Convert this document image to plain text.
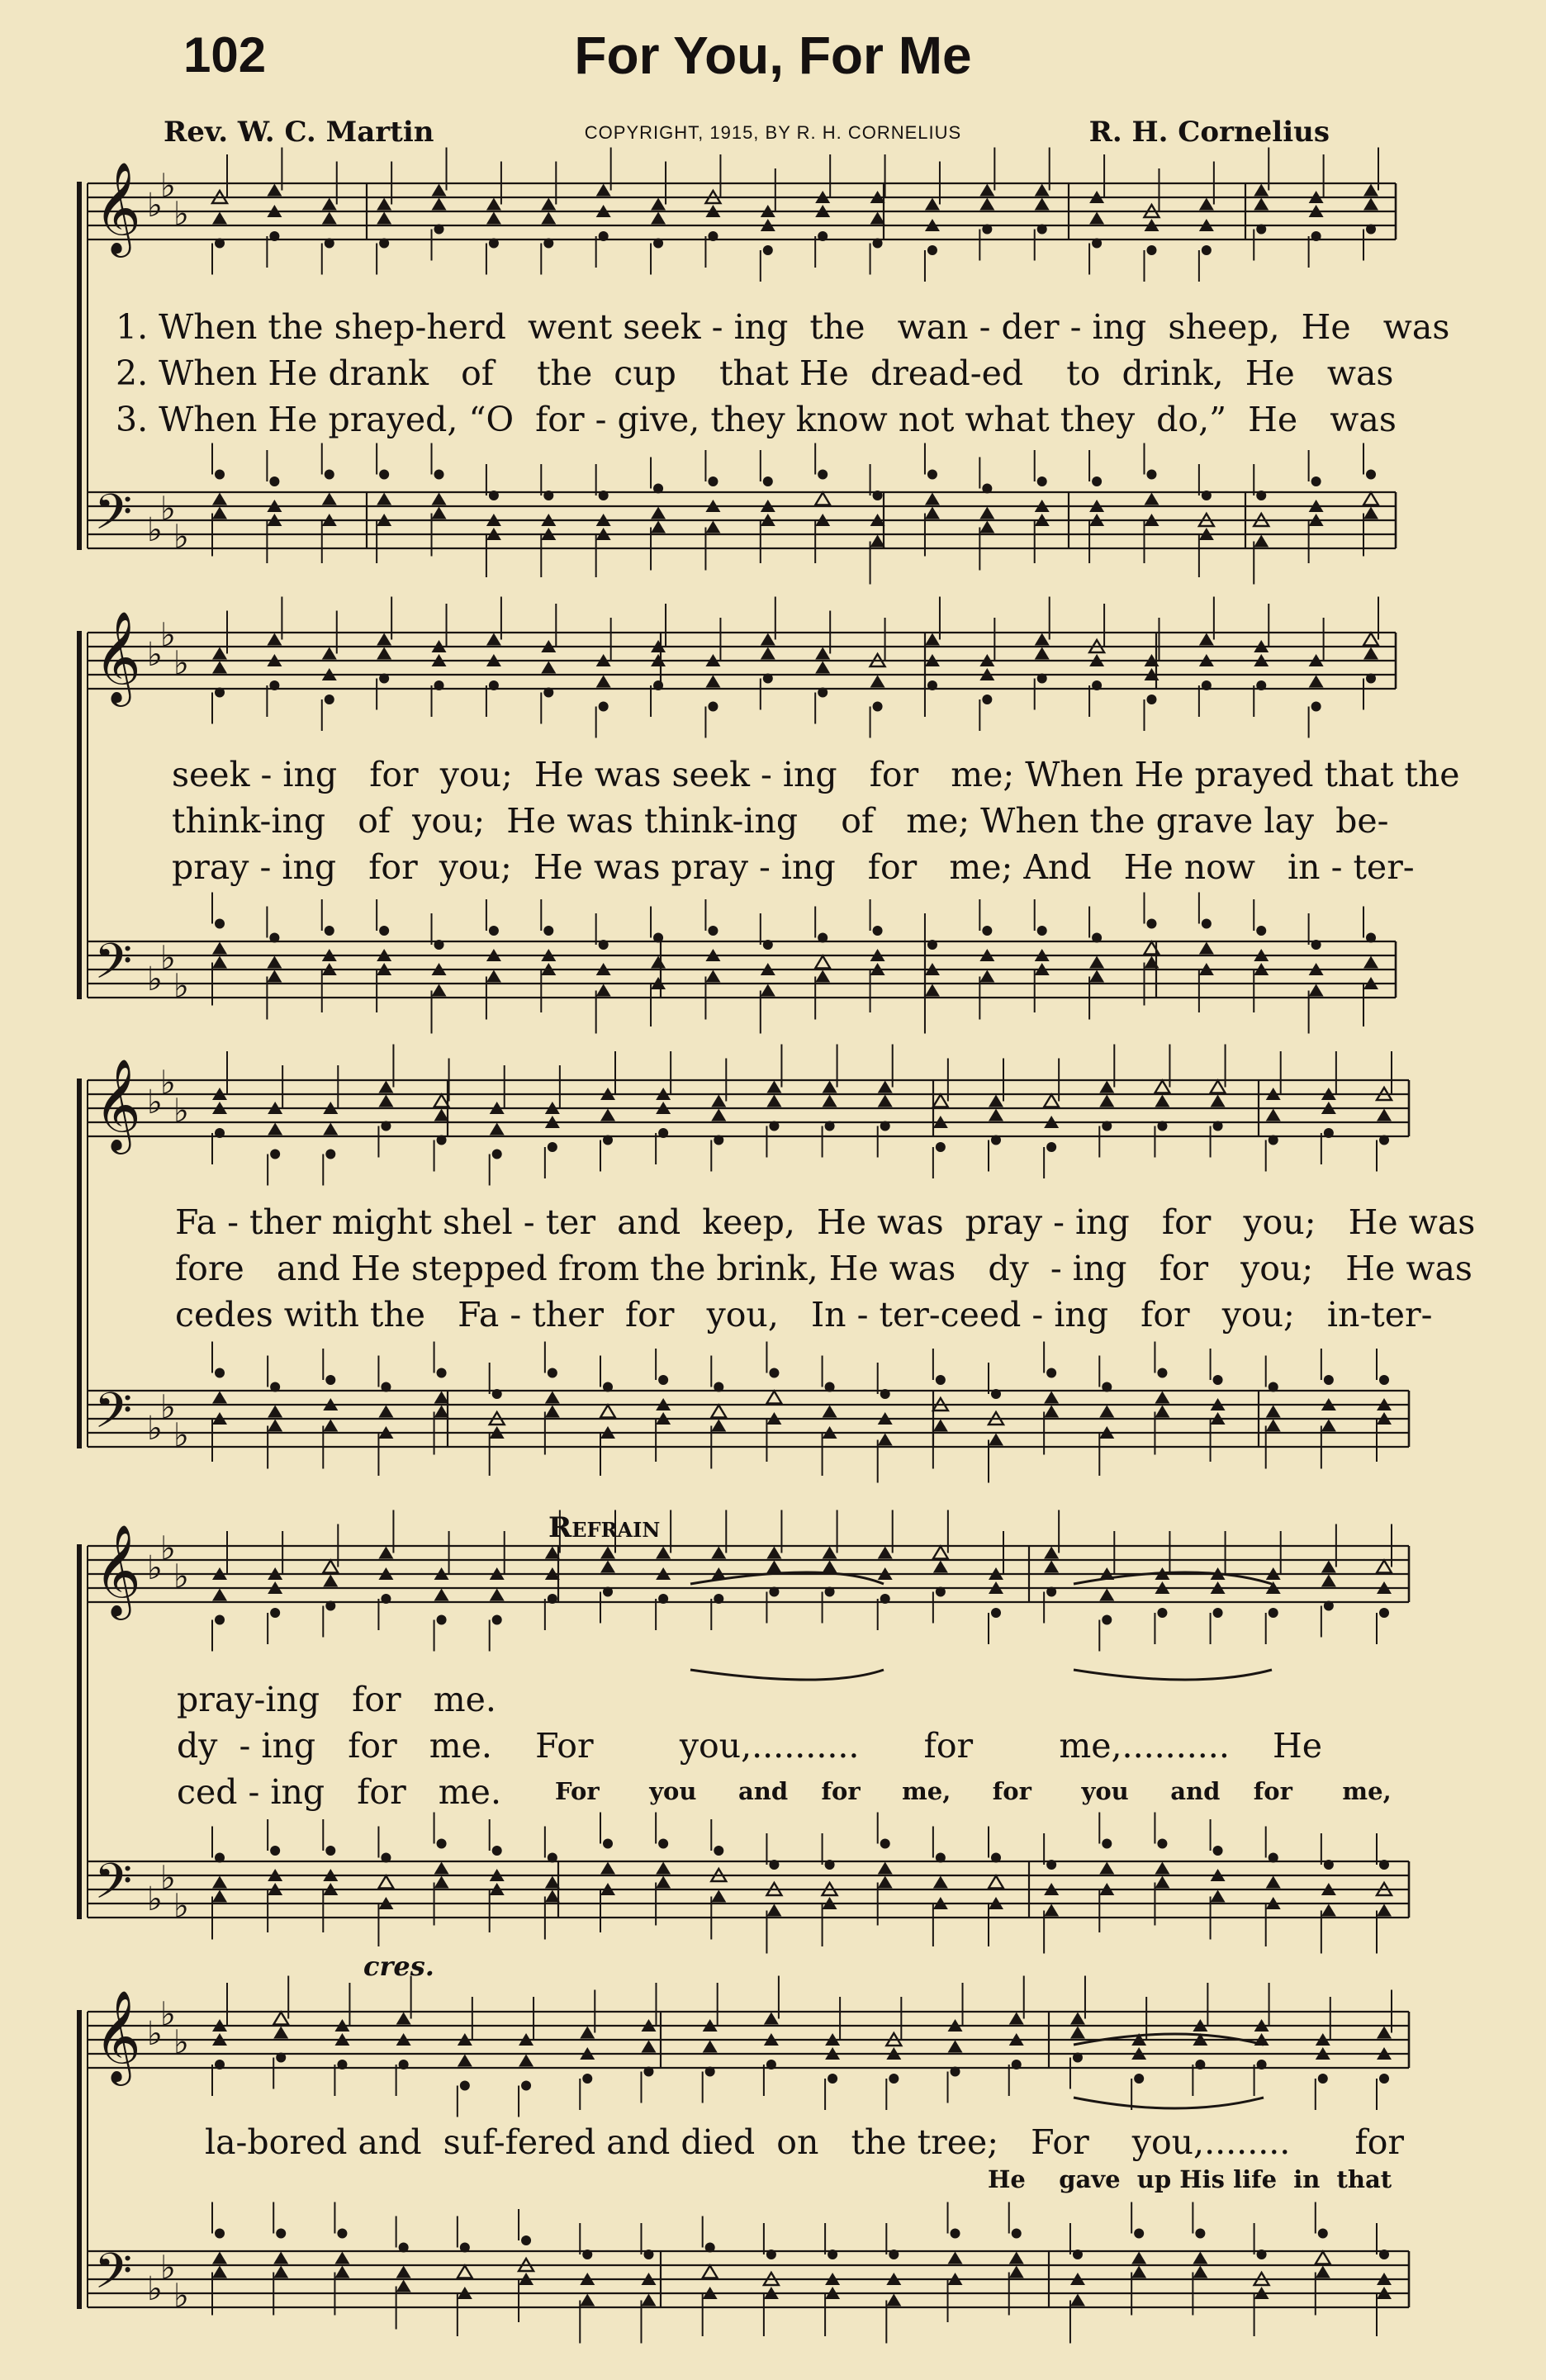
102	For You, For Me
Rev. W. C. Martin	COPYRIGHT, 1915, BY R. H. CORNELIUS	R. H. Cornelius
𝄞 ♭
♭
♭
𝄢 ♭
♭
♭
𝄞 ♭
♭
♭
𝄢 ♭
♭
♭
𝄞 ♭
♭
♭
𝄢 ♭
♭
♭
𝄞 ♭
♭
♭
𝄢 ♭
♭
♭
𝄞 ♭
♭
♭
𝄢 ♭
♭
♭
1. When the shep-herd  went seek - ing  the   wan - der - ing  sheep,  He   was
2. When He drank   of    the  cup    that He  dread-ed    to  drink,  He   was
3. When He prayed, “O  for - give, they know not what they  do,”  He   was
seek - ing   for  you;  He was seek - ing   for   me; When He prayed that the
think-ing   of  you;  He was think-ing    of   me; When the grave lay  be-
pray - ing   for  you;  He was pray - ing   for   me; And   He now   in - ter-
Fa - ther might shel - ter  and  keep,  He was  pray - ing   for   you;   He was
fore   and He stepped from the brink, He was   dy  - ing   for   you;   He was
cedes with the   Fa - ther  for   you,   In - ter-ceed - ing   for   you;   in-ter-
Refrain
pray-ing   for   me.
dy  - ing   for   me.    For        you,..........      for        me,..........    He
ced - ing   for   me. For      you     and    for     me,     for      you     and    for      me,
cres.
la-bored and  suf-fered and died  on   the tree;   For    you,........      for
He    gave  up His life  in  that
